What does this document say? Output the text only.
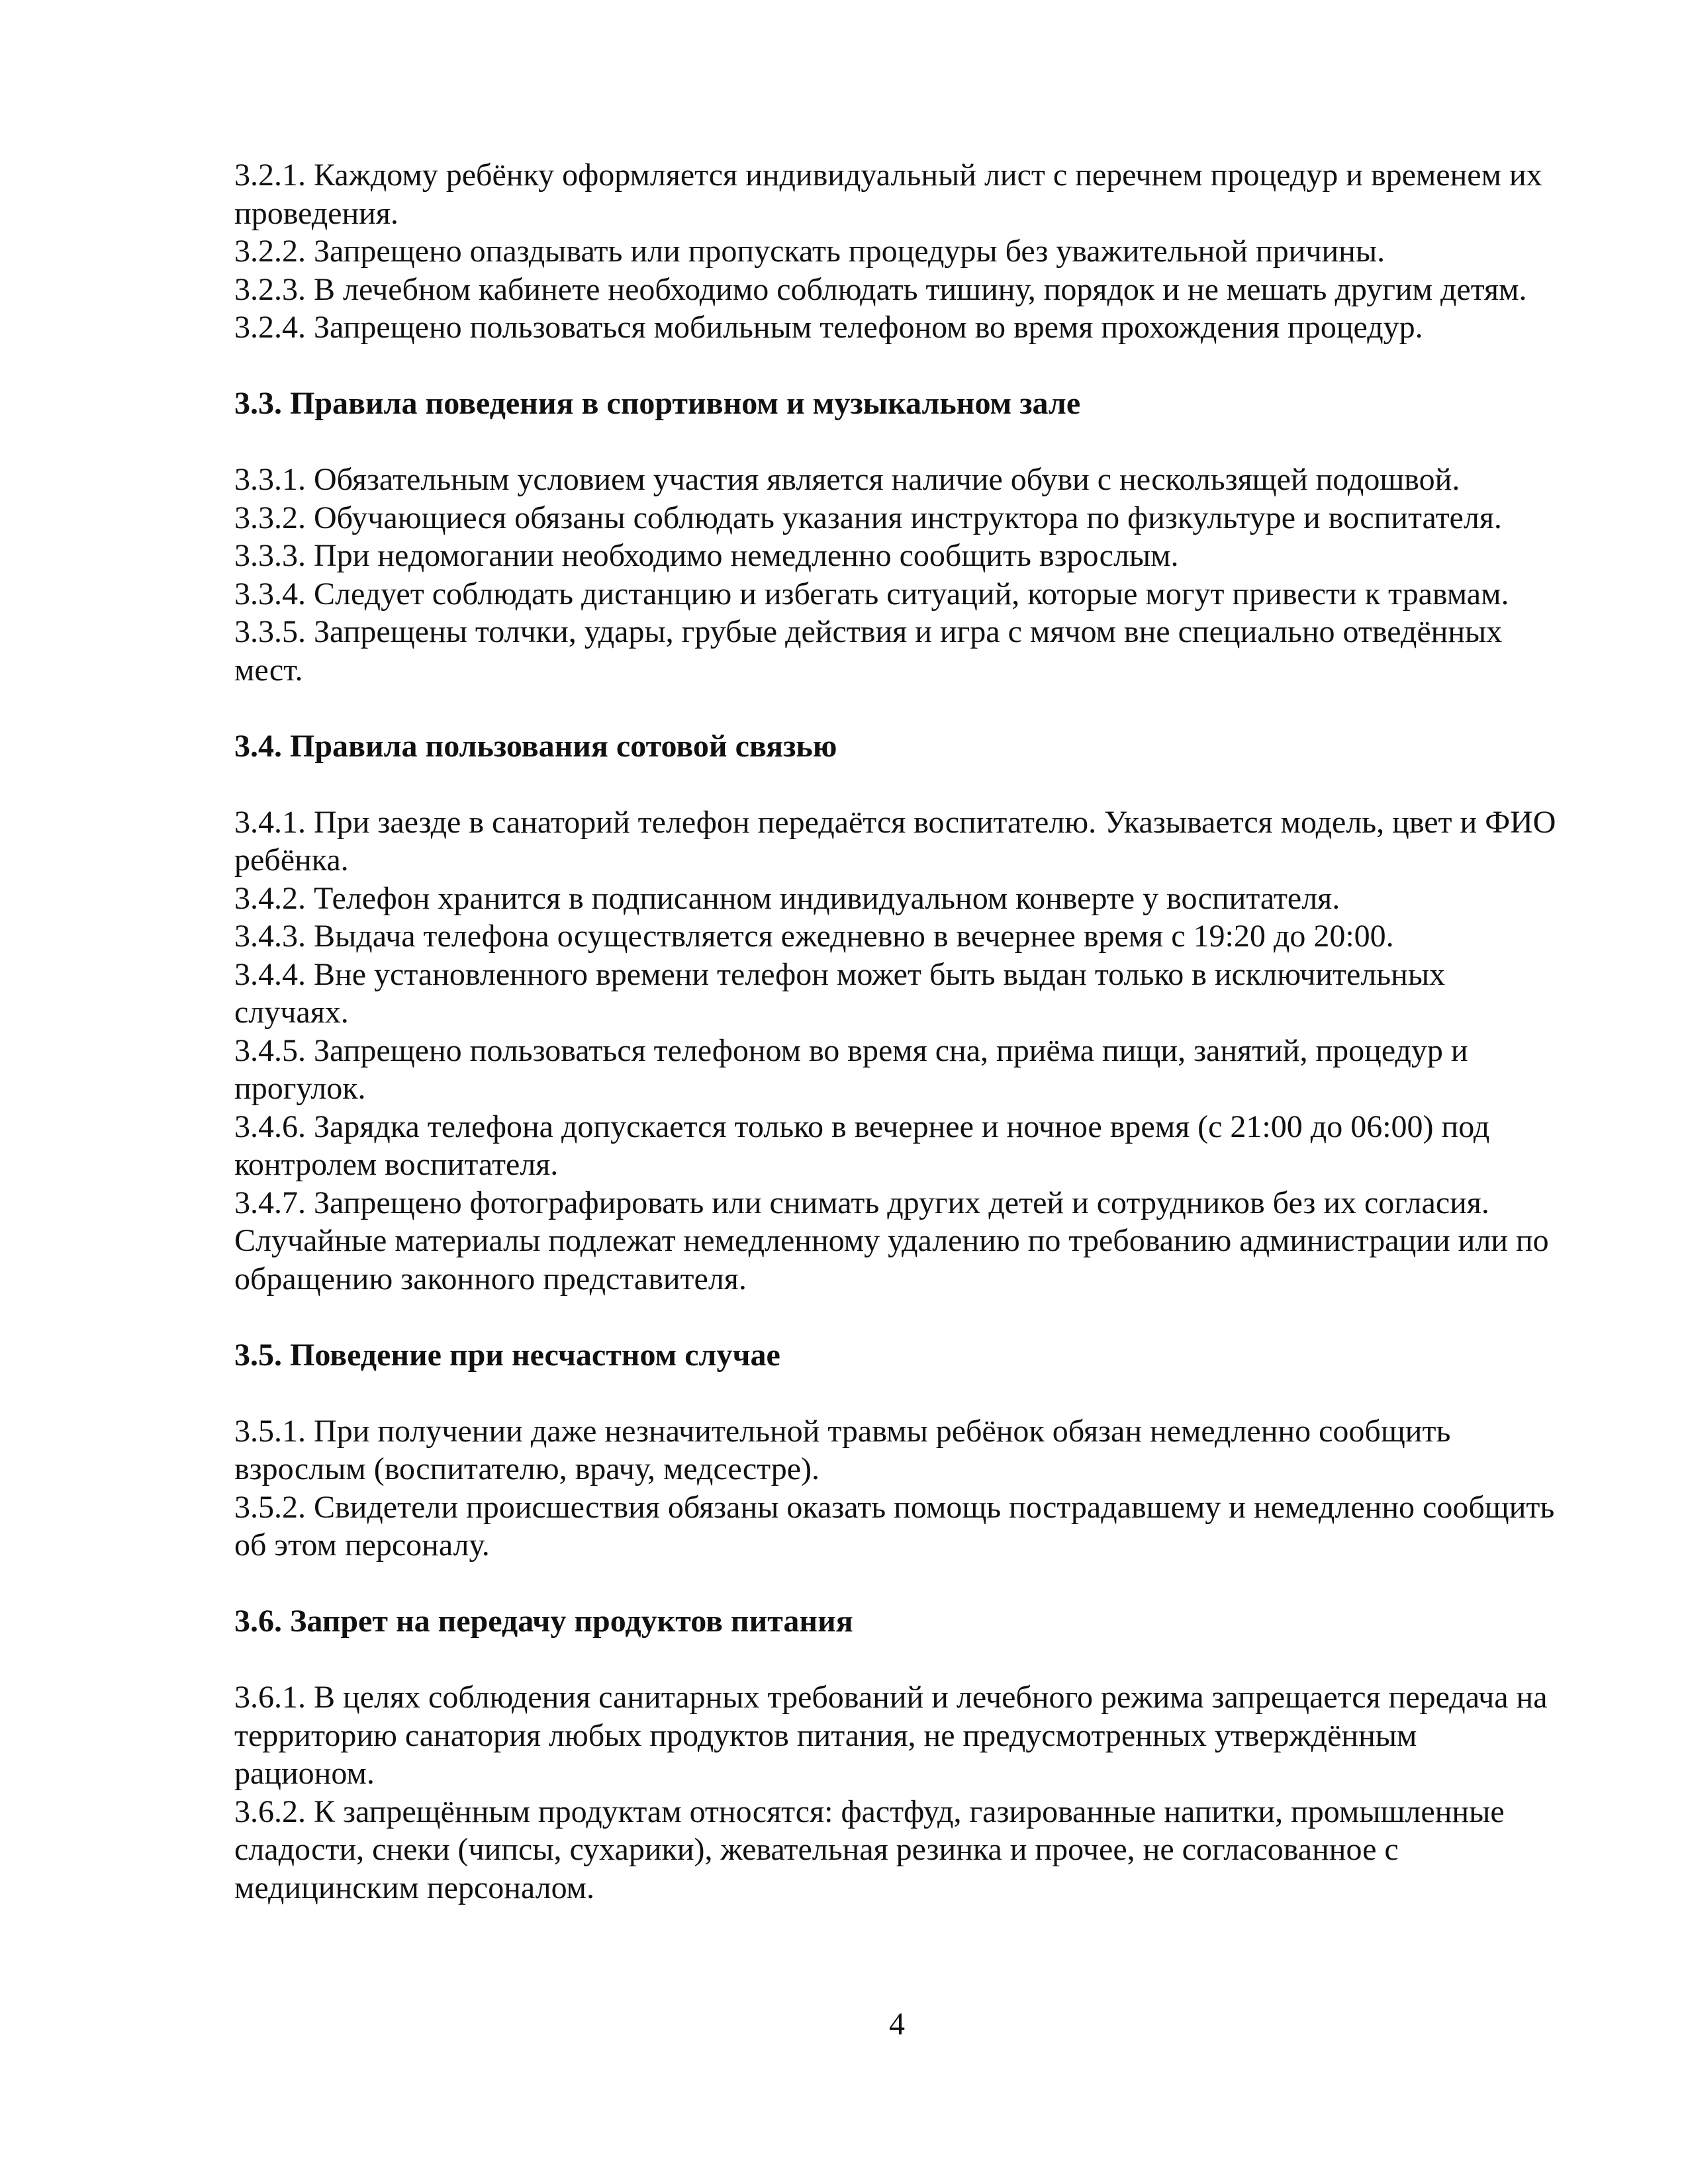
3.2.1. Каждому ребёнку оформляется индивидуальный лист с перечнем процедур и временем их проведения.

3.2.2. Запрещено опаздывать или пропускать процедуры без уважительной причины.

3.2.3. В лечебном кабинете необходимо соблюдать тишину, порядок и не мешать другим детям.

3.2.4. Запрещено пользоваться мобильным телефоном во время прохождения процедур.

3.3. Правила поведения в спортивном и музыкальном зале

3.3.1. Обязательным условием участия является наличие обуви с нескользящей подошвой.

3.3.2. Обучающиеся обязаны соблюдать указания инструктора по физкультуре и воспитателя.

3.3.3. При недомогании необходимо немедленно сообщить взрослым.

3.3.4. Следует соблюдать дистанцию и избегать ситуаций, которые могут привести к травмам.

3.3.5. Запрещены толчки, удары, грубые действия и игра с мячом вне специально отведённых мест.

3.4. Правила пользования сотовой связью

3.4.1. При заезде в санаторий телефон передаётся воспитателю. Указывается модель, цвет и ФИО ребёнка.

3.4.2. Телефон хранится в подписанном индивидуальном конверте у воспитателя.

3.4.3. Выдача телефона осуществляется ежедневно в вечернее время с 19:20 до 20:00.

3.4.4. Вне установленного времени телефон может быть выдан только в исключительных случаях.

3.4.5. Запрещено пользоваться телефоном во время сна, приёма пищи, занятий, процедур и прогулок.

3.4.6. Зарядка телефона допускается только в вечернее и ночное время (с 21:00 до 06:00) под контролем воспитателя.

3.4.7. Запрещено фотографировать или снимать других детей и сотрудников без их согласия. Случайные материалы подлежат немедленному удалению по требованию администрации или по обращению законного представителя.

3.5. Поведение при несчастном случае

3.5.1. При получении даже незначительной травмы ребёнок обязан немедленно сообщить взрослым (воспитателю, врачу, медсестре).

3.5.2. Свидетели происшествия обязаны оказать помощь пострадавшему и немедленно сообщить об этом персоналу.

3.6. Запрет на передачу продуктов питания

3.6.1. В целях соблюдения санитарных требований и лечебного режима запрещается передача на территорию санатория любых продуктов питания, не предусмотренных утверждённым рационом.

3.6.2. К запрещённым продуктам относятся: фастфуд, газированные напитки, промышленные сладости, снеки (чипсы, сухарики), жевательная резинка и прочее, не согласованное с медицинским персоналом.

4
